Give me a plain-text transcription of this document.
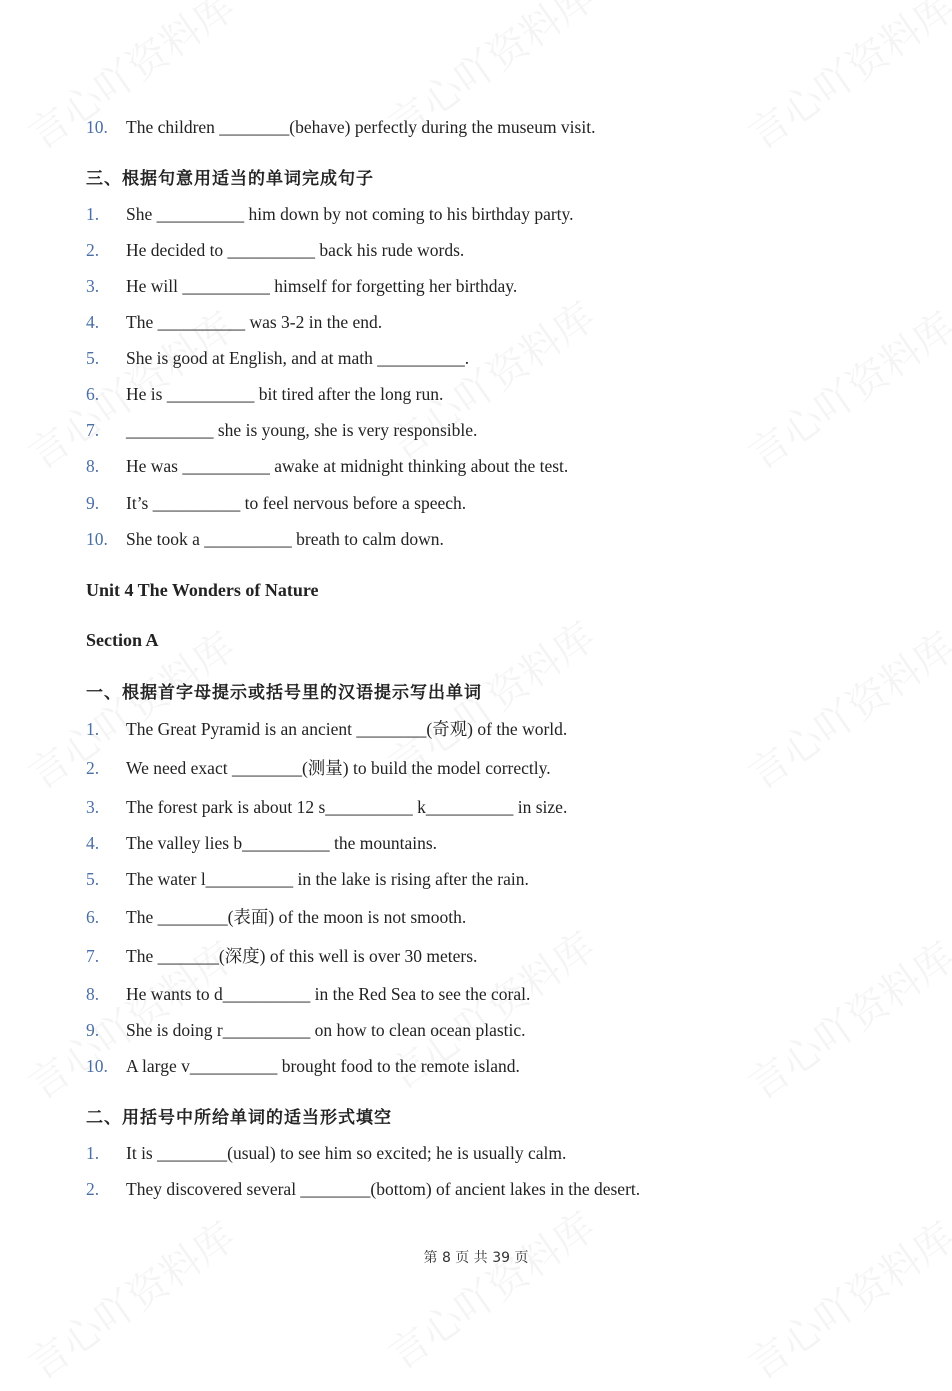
10. The children ________(behave) perfectly during the museum visit.
三、根据句意用适当的单词完成句子
1. She __________ him down by not coming to his birthday party.
2. He decided to __________ back his rude words.
3. He will __________ himself for forgetting her birthday.
4. The __________ was 3-2 in the end.
5. She is good at English, and at math __________.
6. He is __________ bit tired after the long run.
7. __________ she is young, she is very responsible.
8. He was __________ awake at midnight thinking about the test.
9. It’s __________ to feel nervous before a speech.
10. She took a __________ breath to calm down.
Unit 4 The Wonders of Nature
Section A
一、根据首字母提示或括号里的汉语提示写出单词
1. The Great Pyramid is an ancient ________(奇观) of the world.
2. We need exact ________(测量) to build the model correctly.
3. The forest park is about 12 s__________ k__________ in size.
4. The valley lies b__________ the mountains.
5. The water l__________ in the lake is rising after the rain.
6. The ________(表面) of the moon is not smooth.
7. The _______(深度) of this well is over 30 meters.
8. He wants to d__________ in the Red Sea to see the coral.
9. She is doing r__________ on how to clean ocean plastic.
10. A large v__________ brought food to the remote island.
二、用括号中所给单词的适当形式填空
1. It is ________(usual) to see him so excited; he is usually calm.
2. They discovered several ________(bottom) of ancient lakes in the desert.
第 8 页 共 39 页
